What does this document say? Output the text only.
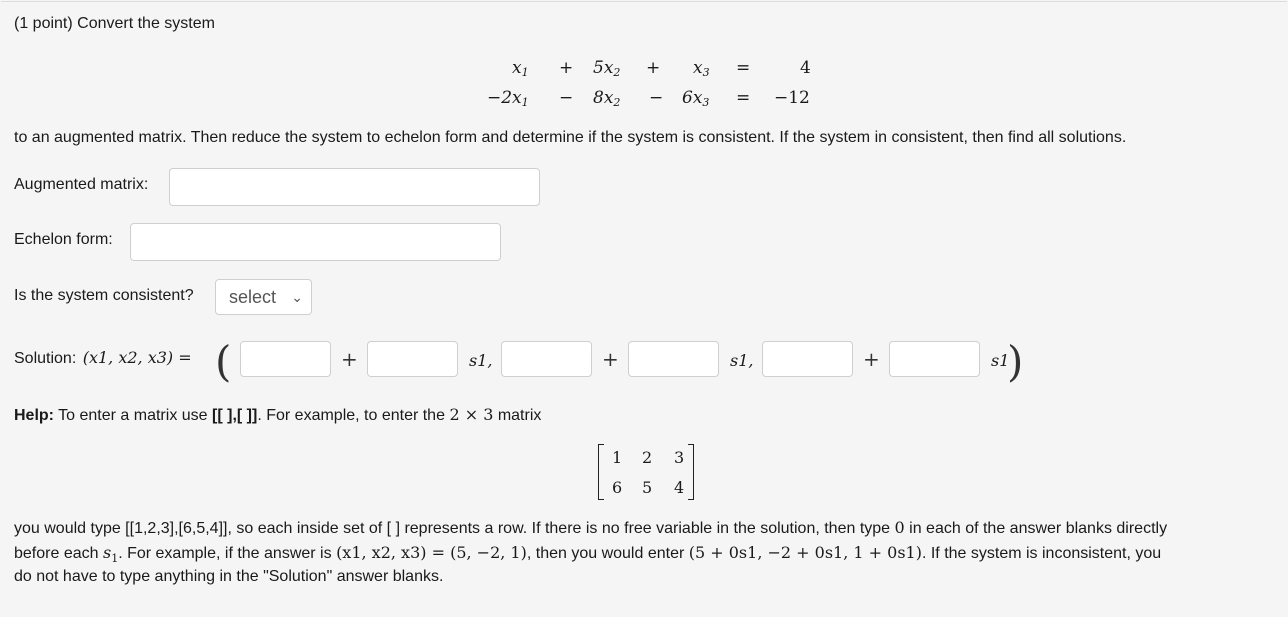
(1 point) Convert the system
$x_1 + 5x_2 + x_3$ =	4
$-2x_1 - 8x_2 - 6x_3 = -12$
to an augmented matrix. Then reduce the system to echelon form and determine if the system is consistent. If the system in consistent, then find all solutions.
Augmented matrix:
Echelon form:
Is the system consistent?	select ⌄
Solution: (x1, x2, x3) = (	+	s1,	+	s1,	+	s1
)
Help: To enter a matrix use [[ ],[ ]]. For example, to enter the 2 × 3 matrix
1 2 3
6 5 4
you would type [[1,2,3],[6,5,4]], so each inside set of [ ] represents a row. If there is no free variable in the solution, then type 0 in each of the answer blanks directly
before each $s_1$. For example, if the answer is (x1, x2, x3) = (5, −2, 1), then you would enter (5 + 0s1, −2 + 0s1, 1 + 0s1). If the system is inconsistent, you
do not have to type anything in the "Solution" answer blanks.
